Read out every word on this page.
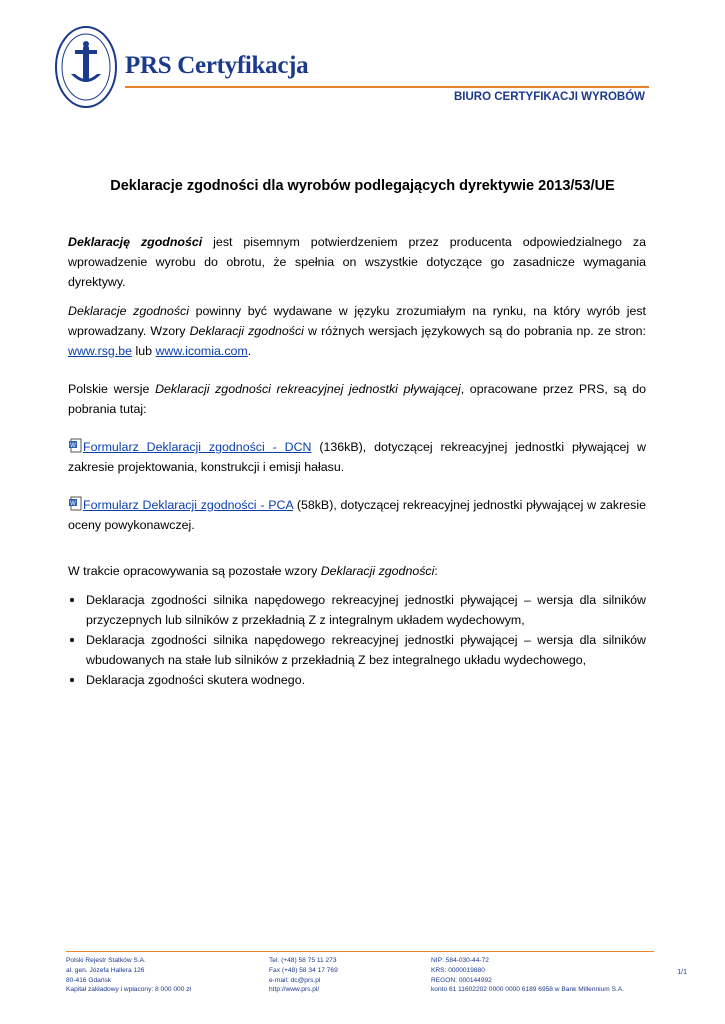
PRS Certyfikacja
BIURO CERTYFIKACJI WYROBÓW
Deklaracje zgodności dla wyrobów podlegających dyrektywie 2013/53/UE

Deklarację zgodności jest pisemnym potwierdzeniem przez producenta odpowiedzialnego za wprowadzenie wyrobu do obrotu, że spełnia on wszystkie dotyczące go zasadnicze wymagania dyrektywy.

Deklaracje zgodności powinny być wydawane w języku zrozumiałym na rynku, na który wyrób jest wprowadzany. Wzory Deklaracji zgodności w różnych wersjach językowych są do pobrania np. ze stron: www.rsg.be lub www.icomia.com.

Polskie wersje Deklaracji zgodności rekreacyjnej jednostki pływającej, opracowane przez PRS, są do pobrania tutaj:

W Formularz Deklaracji zgodności - DCN (136kB), dotyczącej rekreacyjnej jednostki pływającej w zakresie projektowania, konstrukcji i emisji hałasu.

W Formularz Deklaracji zgodności - PCA (58kB), dotyczącej rekreacyjnej jednostki pływającej w zakresie oceny powykonawczej.

W trakcie opracowywania są pozostałe wzory Deklaracji zgodności:

Deklaracja zgodności silnika napędowego rekreacyjnej jednostki pływającej – wersja dla silników przyczepnych lub silników z przekładnią Z z integralnym układem wydechowym,
Deklaracja zgodności silnika napędowego rekreacyjnej jednostki pływającej – wersja dla silników wbudowanych na stałe lub silników z przekładnią Z bez integralnego układu wydechowego,
Deklaracja zgodności skutera wodnego.
Polski Rejestr Statków S.A.
al. gen. Józefa Hallera 126
80-416 Gdańsk
Kapitał zakładowy i wpłacony: 8 000 000 zł
Tel. (+48) 58 75 11 273
Fax (+48) 58 34 17 769
e-mail: dc@prs.pl
http://www.prs.pl/
NIP: 584-030-44-72
KRS: 0000019880
REGON: 000144992
konto 61 11602202 0000 0000 6189 6958 w Bank Millennium S.A.
1/1
